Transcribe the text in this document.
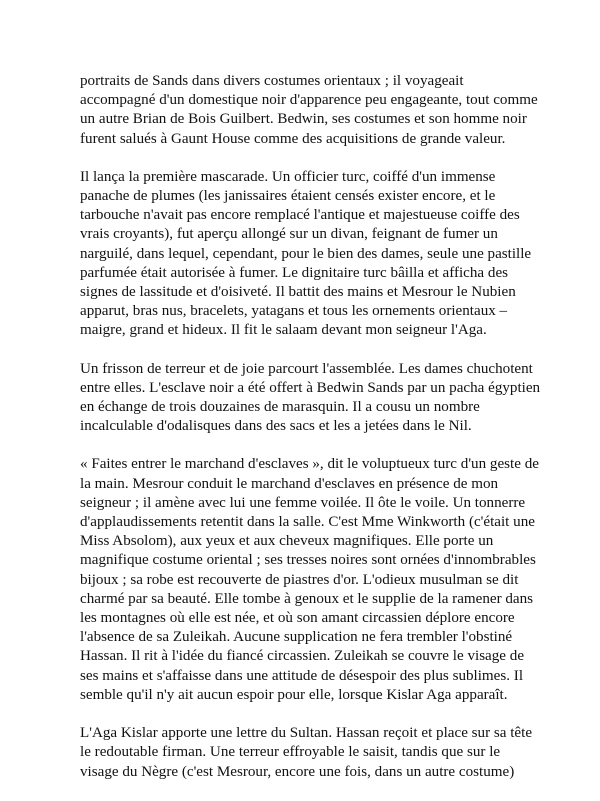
portraits de Sands dans divers costumes orientaux ; il voyageait
accompagné d'un domestique noir d'apparence peu engageante, tout comme
un autre Brian de Bois Guilbert. Bedwin, ses costumes et son homme noir
furent salués à Gaunt House comme des acquisitions de grande valeur.

Il lança la première mascarade. Un officier turc, coiffé d'un immense
panache de plumes (les janissaires étaient censés exister encore, et le
tarbouche n'avait pas encore remplacé l'antique et majestueuse coiffe des
vrais croyants), fut aperçu allongé sur un divan, feignant de fumer un
narguilé, dans lequel, cependant, pour le bien des dames, seule une pastille
parfumée était autorisée à fumer. Le dignitaire turc bâilla et afficha des
signes de lassitude et d'oisiveté. Il battit des mains et Mesrour le Nubien
apparut, bras nus, bracelets, yatagans et tous les ornements orientaux –
maigre, grand et hideux. Il fit le salaam devant mon seigneur l'Aga.

Un frisson de terreur et de joie parcourt l'assemblée. Les dames chuchotent
entre elles. L'esclave noir a été offert à Bedwin Sands par un pacha égyptien
en échange de trois douzaines de marasquin. Il a cousu un nombre
incalculable d'odalisques dans des sacs et les a jetées dans le Nil.

« Faites entrer le marchand d'esclaves », dit le voluptueux turc d'un geste de
la main. Mesrour conduit le marchand d'esclaves en présence de mon
seigneur ; il amène avec lui une femme voilée. Il ôte le voile. Un tonnerre
d'applaudissements retentit dans la salle. C'est Mme Winkworth (c'était une
Miss Absolom), aux yeux et aux cheveux magnifiques. Elle porte un
magnifique costume oriental ; ses tresses noires sont ornées d'innombrables
bijoux ; sa robe est recouverte de piastres d'or. L'odieux musulman se dit
charmé par sa beauté. Elle tombe à genoux et le supplie de la ramener dans
les montagnes où elle est née, et où son amant circassien déplore encore
l'absence de sa Zuleikah. Aucune supplication ne fera trembler l'obstiné
Hassan. Il rit à l'idée du fiancé circassien. Zuleikah se couvre le visage de
ses mains et s'affaisse dans une attitude de désespoir des plus sublimes. Il
semble qu'il n'y ait aucun espoir pour elle, lorsque Kislar Aga apparaît.

L'Aga Kislar apporte une lettre du Sultan. Hassan reçoit et place sur sa tête
le redoutable firman. Une terreur effroyable le saisit, tandis que sur le
visage du Nègre (c'est Mesrour, encore une fois, dans un autre costume)
